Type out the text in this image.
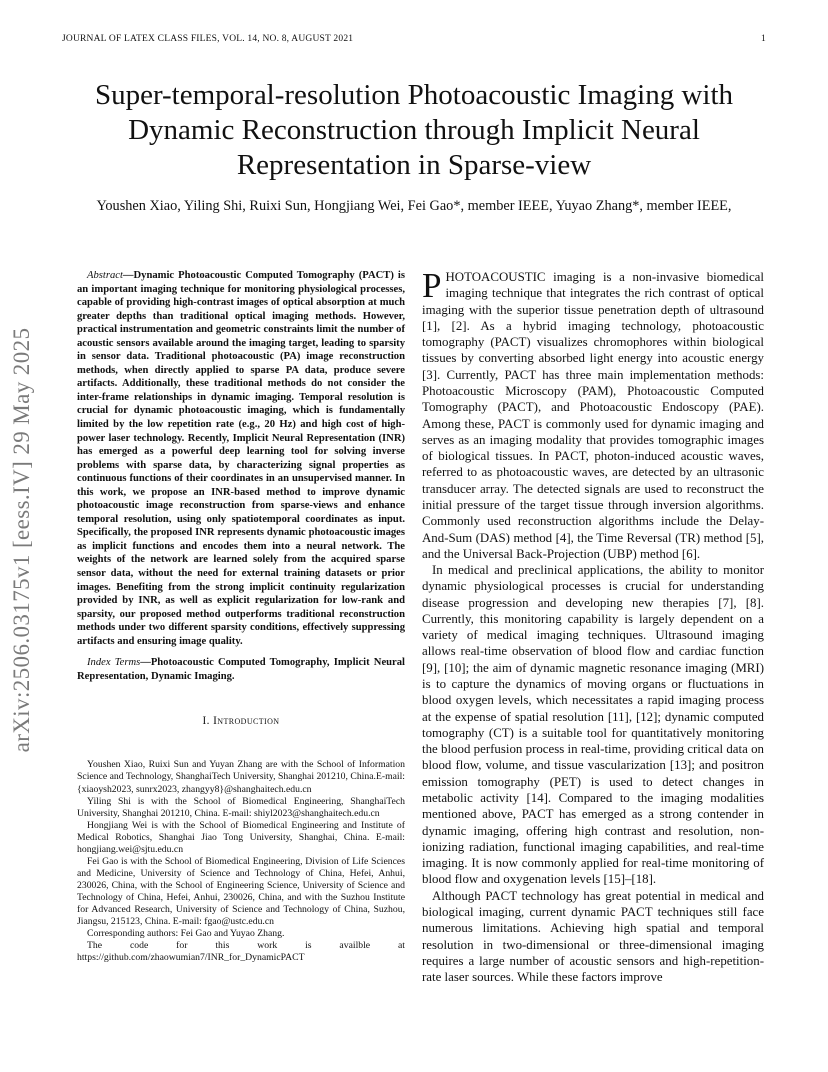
JOURNAL OF LATEX CLASS FILES, VOL. 14, NO. 8, AUGUST 2021	1
Super-temporal-resolution Photoacoustic Imaging with Dynamic Reconstruction through Implicit Neural Representation in Sparse-view
Youshen Xiao, Yiling Shi, Ruixi Sun, Hongjiang Wei, Fei Gao*, member IEEE, Yuyao Zhang*, member IEEE,
arXiv:2506.03175v1 [eess.IV] 29 May 2025

Abstract—Dynamic Photoacoustic Computed Tomography (PACT) is an important imaging technique for monitoring physiological processes, capable of providing high-contrast images of optical absorption at much greater depths than traditional optical imaging methods. However, practical instrumentation and geometric constraints limit the number of acoustic sensors available around the imaging target, leading to sparsity in sensor data. Traditional photoacoustic (PA) image reconstruction methods, when directly applied to sparse PA data, produce severe artifacts. Additionally, these traditional methods do not consider the inter-frame relationships in dynamic imaging. Temporal resolution is crucial for dynamic photoacoustic imaging, which is fundamentally limited by the low repetition rate (e.g., 20 Hz) and high cost of high-power laser technology. Recently, Implicit Neural Representation (INR) has emerged as a powerful deep learning tool for solving inverse problems with sparse data, by characterizing signal properties as continuous functions of their coordinates in an unsupervised manner. In this work, we propose an INR-based method to improve dynamic photoacoustic image reconstruction from sparse-views and enhance temporal resolution, using only spatiotemporal coordinates as input. Specifically, the proposed INR represents dynamic photoacoustic images as implicit functions and encodes them into a neural network. The weights of the network are learned solely from the acquired sparse sensor data, without the need for external training datasets or prior images. Benefiting from the strong implicit continuity regularization provided by INR, as well as explicit regularization for low-rank and sparsity, our proposed method outperforms traditional reconstruction methods under two different sparsity conditions, effectively suppressing artifacts and ensuring image quality.

Index Terms—Photoacoustic Computed Tomography, Implicit Neural Representation, Dynamic Imaging.

I. Introduction

Youshen Xiao, Ruixi Sun and Yuyan Zhang are with the School of Information Science and Technology, ShanghaiTech University, Shanghai 201210, China.E-mail: {xiaoysh2023, sunrx2023, zhangyy8}@shanghaitech.edu.cn

Yiling Shi is with the School of Biomedical Engineering, ShanghaiTech University, Shanghai 201210, China. E-mail: shiyl2023@shanghaitech.edu.cn

Hongjiang Wei is with the School of Biomedical Engineering and Institute of Medical Robotics, Shanghai Jiao Tong University, Shanghai, China. E-mail: hongjiang.wei@sjtu.edu.cn

Fei Gao is with the School of Biomedical Engineering, Division of Life Sciences and Medicine, University of Science and Technology of China, Hefei, Anhui, 230026, China, with the School of Engineering Science, University of Science and Technology of China, Hefei, Anhui, 230026, China, and with the Suzhou Institute for Advanced Research, University of Science and Technology of China, Suzhou, Jiangsu, 215123, China. E-mail: fgao@ustc.edu.cn

Corresponding authors: Fei Gao and Yuyao Zhang.

The code for this work is availble at https://github.com/zhaowumian7/INR_for_DynamicPACT

PHOTOACOUSTIC imaging is a non-invasive biomedical imaging technique that integrates the rich contrast of optical imaging with the superior tissue penetration depth of ultrasound [1], [2]. As a hybrid imaging technology, photoacoustic tomography (PACT) visualizes chromophores within biological tissues by converting absorbed light energy into acoustic energy [3]. Currently, PACT has three main implementation methods: Photoacoustic Microscopy (PAM), Photoacoustic Computed Tomography (PACT), and Photoacoustic Endoscopy (PAE). Among these, PACT is commonly used for dynamic imaging and serves as an imaging modality that provides tomographic images of biological tissues. In PACT, photon-induced acoustic waves, referred to as photoacoustic waves, are detected by an ultrasonic transducer array. The detected signals are used to reconstruct the initial pressure of the target tissue through inversion algorithms. Commonly used reconstruction algorithms include the Delay-And-Sum (DAS) method [4], the Time Reversal (TR) method [5], and the Universal Back-Projection (UBP) method [6].

In medical and preclinical applications, the ability to monitor dynamic physiological processes is crucial for understanding disease progression and developing new therapies [7], [8]. Currently, this monitoring capability is largely dependent on a variety of medical imaging techniques. Ultrasound imaging allows real-time observation of blood flow and cardiac function [9], [10]; the aim of dynamic magnetic resonance imaging (MRI) is to capture the dynamics of moving organs or fluctuations in blood oxygen levels, which necessitates a rapid imaging process at the expense of spatial resolution [11], [12]; dynamic computed tomography (CT) is a suitable tool for quantitatively monitoring the blood perfusion process in real-time, providing critical data on blood flow, volume, and tissue vascularization [13]; and positron emission tomography (PET) is used to detect changes in metabolic activity [14]. Compared to the imaging modalities mentioned above, PACT has emerged as a strong contender in dynamic imaging, offering high contrast and resolution, non-ionizing radiation, functional imaging capabilities, and real-time imaging. It is now commonly applied for real-time monitoring of blood flow and oxygenation levels [15]–[18].

Although PACT technology has great potential in medical and biological imaging, current dynamic PACT techniques still face numerous limitations. Achieving high spatial and temporal resolution in two-dimensional or three-dimensional imaging requires a large number of acoustic sensors and high-repetition-rate laser sources. While these factors improve
